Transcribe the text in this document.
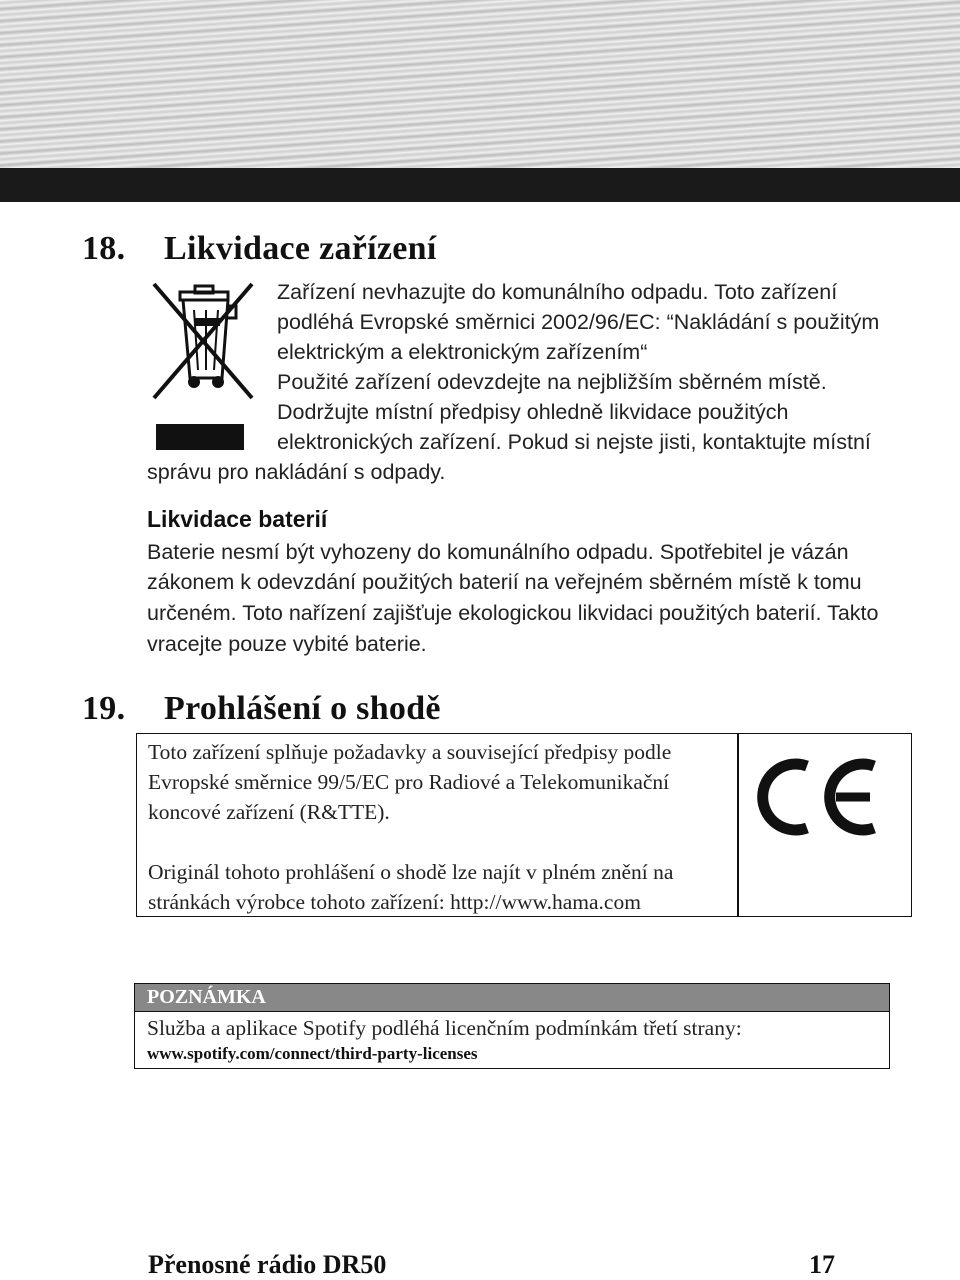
18. Likvidace zařízení
Zařízení nevhazujte do komunálního odpadu. Toto zařízení
podléhá Evropské směrnici 2002/96/EC: “Nakládání s použitým
elektrickým a elektronickým zařízením“
Použité zařízení odevzdejte na nejbližším sběrném místě.
Dodržujte místní předpisy ohledně likvidace použitých
elektronických zařízení. Pokud si nejste jisti, kontaktujte místní
správu pro nakládání s odpady.
Likvidace baterií
Baterie nesmí být vyhozeny do komunálního odpadu. Spotřebitel je vázán
zákonem k odevzdání použitých baterií na veřejném sběrném místě k tomu
určeném. Toto nařízení zajišťuje ekologickou likvidaci použitých baterií. Takto
vracejte pouze vybité baterie.
19. Prohlášení o shodě
Toto zařízení splňuje požadavky a související předpisy podle
Evropské směrnice 99/5/EC pro Radiové a Telekomunikační
koncové zařízení (R&TTE).
Originál tohoto prohlášení o shodě lze najít v plném znění na
stránkách výrobce tohoto zařízení: http://www.hama.com
POZNÁMKA
Služba a aplikace Spotify podléhá licenčním podmínkám třetí strany:
www.spotify.com/connect/third-party-licenses
Přenosné rádio DR50	17
